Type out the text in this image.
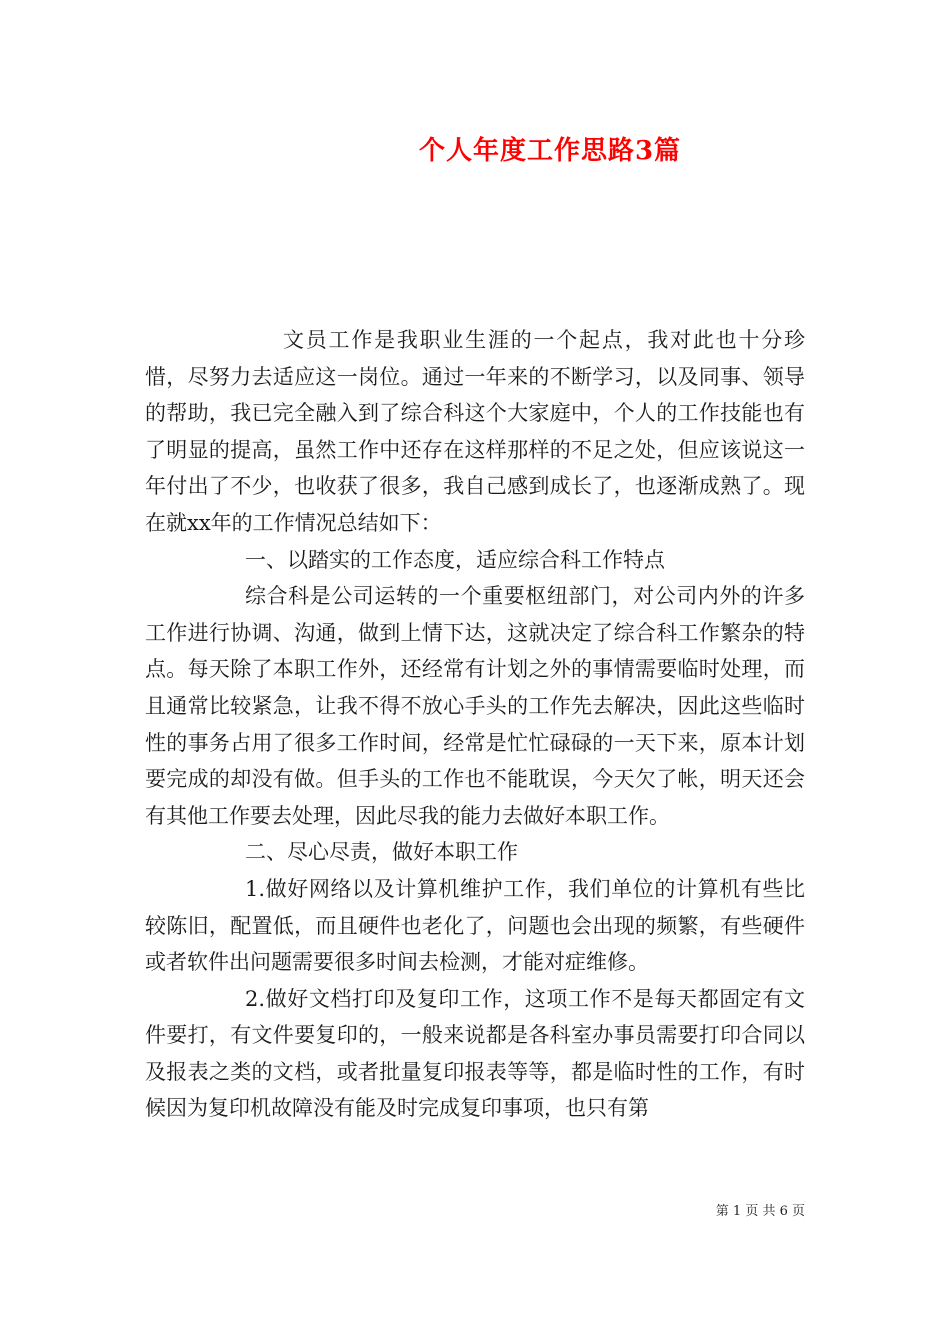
个人年度工作思路3篇

文员工作是我职业生涯的一个起点，我对此也十分珍惜，尽努力去适应这一岗位。通过一年来的不断学习，以及同事、领导的帮助，我已完全融入到了综合科这个大家庭中，个人的工作技能也有了明显的提高，虽然工作中还存在这样那样的不足之处，但应该说这一年付出了不少，也收获了很多，我自己感到成长了，也逐渐成熟了。现在就xx年的工作情况总结如下：

一、以踏实的工作态度，适应综合科工作特点

综合科是公司运转的一个重要枢纽部门，对公司内外的许多工作进行协调、沟通，做到上情下达，这就决定了综合科工作繁杂的特点。每天除了本职工作外，还经常有计划之外的事情需要临时处理，而且通常比较紧急，让我不得不放心手头的工作先去解决，因此这些临时性的事务占用了很多工作时间，经常是忙忙碌碌的一天下来，原本计划要完成的却没有做。但手头的工作也不能耽误，今天欠了帐，明天还会有其他工作要去处理，因此尽我的能力去做好本职工作。

二、尽心尽责，做好本职工作

1.做好网络以及计算机维护工作，我们单位的计算机有些比较陈旧，配置低，而且硬件也老化了，问题也会出现的频繁，有些硬件或者软件出问题需要很多时间去检测，才能对症维修。

2.做好文档打印及复印工作，这项工作不是每天都固定有文件要打，有文件要复印的，一般来说都是各科室办事员需要打印合同以及报表之类的文档，或者批量复印报表等等，都是临时性的工作，有时候因为复印机故障没有能及时完成复印事项，也只有第

第 1 页 共 6 页
